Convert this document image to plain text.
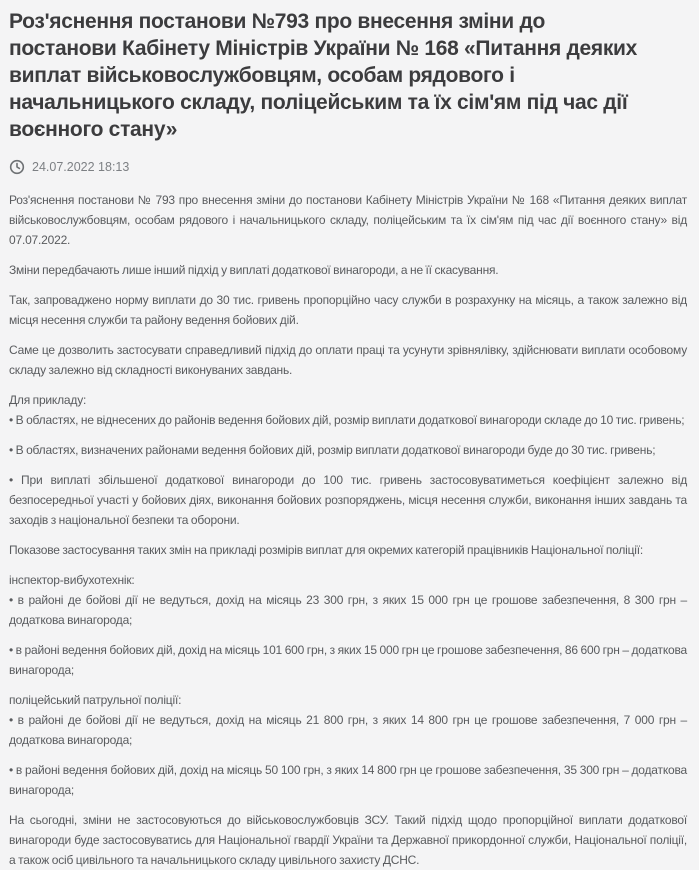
Роз'яснення постанови №793 про внесення зміни до постанови Кабінету Міністрів України № 168 «Питання деяких виплат військовослужбовцям, особам рядового і начальницького складу, поліцейським та їх сім'ям під час дії воєнного стану»
24.07.2022 18:13

Роз'яснення постанови № 793 про внесення зміни до постанови Кабінету Міністрів України № 168 «Питання деяких виплат військовослужбовцям, особам рядового і начальницького складу, поліцейським та їх сім'ям під час дії воєнного стану» від 07.07.2022.

Зміни передбачають лише інший підхід у виплаті додаткової винагороди, а не її скасування.

Так, запроваджено норму виплати до 30 тис. гривень пропорційно часу служби в розрахунку на місяць, а також залежно від місця несення служби та району ведення бойових дій.

Саме це дозволить застосувати справедливий підхід до оплати праці та усунути зрівнялівку, здійснювати виплати особовому складу залежно від складності виконуваних завдань.

Для прикладу:

• В областях, не віднесених до районів ведення бойових дій, розмір виплати додаткової винагороди складе до 10 тис. гривень;

• В областях, визначених районами ведення бойових дій, розмір виплати додаткової винагороди буде до 30 тис. гривень;

• При виплаті збільшеної додаткової винагороди до 100 тис. гривень застосовуватиметься коефіцієнт залежно від безпосередньої участі у бойових діях, виконання бойових розпоряджень, місця несення служби, виконання інших завдань та заходів з національної безпеки та оборони.

Показове застосування таких змін на прикладі розмірів виплат для окремих категорій працівників Національної поліції:

інспектор-вибухотехнік:

• в районі де бойові дії не ведуться, дохід на місяць 23 300 грн, з яких 15 000 грн це грошове забезпечення, 8 300 грн – додаткова винагорода;

• в районі ведення бойових дій, дохід на місяць 101 600 грн, з яких 15 000 грн це грошове забезпечення, 86 600 грн – додаткова винагорода;

поліцейський патрульної поліції:

• в районі де бойові дії не ведуться, дохід на місяць 21 800 грн, з яких 14 800 грн це грошове забезпечення, 7 000 грн – додаткова винагорода;

• в районі ведення бойових дій, дохід на місяць 50 100 грн, з яких 14 800 грн це грошове забезпечення, 35 300 грн – додаткова винагорода;

На сьогодні, зміни не застосовуються до військовослужбовців ЗСУ. Такий підхід щодо пропорційної виплати додаткової винагороди буде застосовуватись для Національної гвардії України та Державної прикордонної служби, Національної поліції, а також осіб цивільного та начальницького складу цивільного захисту ДСНС.
